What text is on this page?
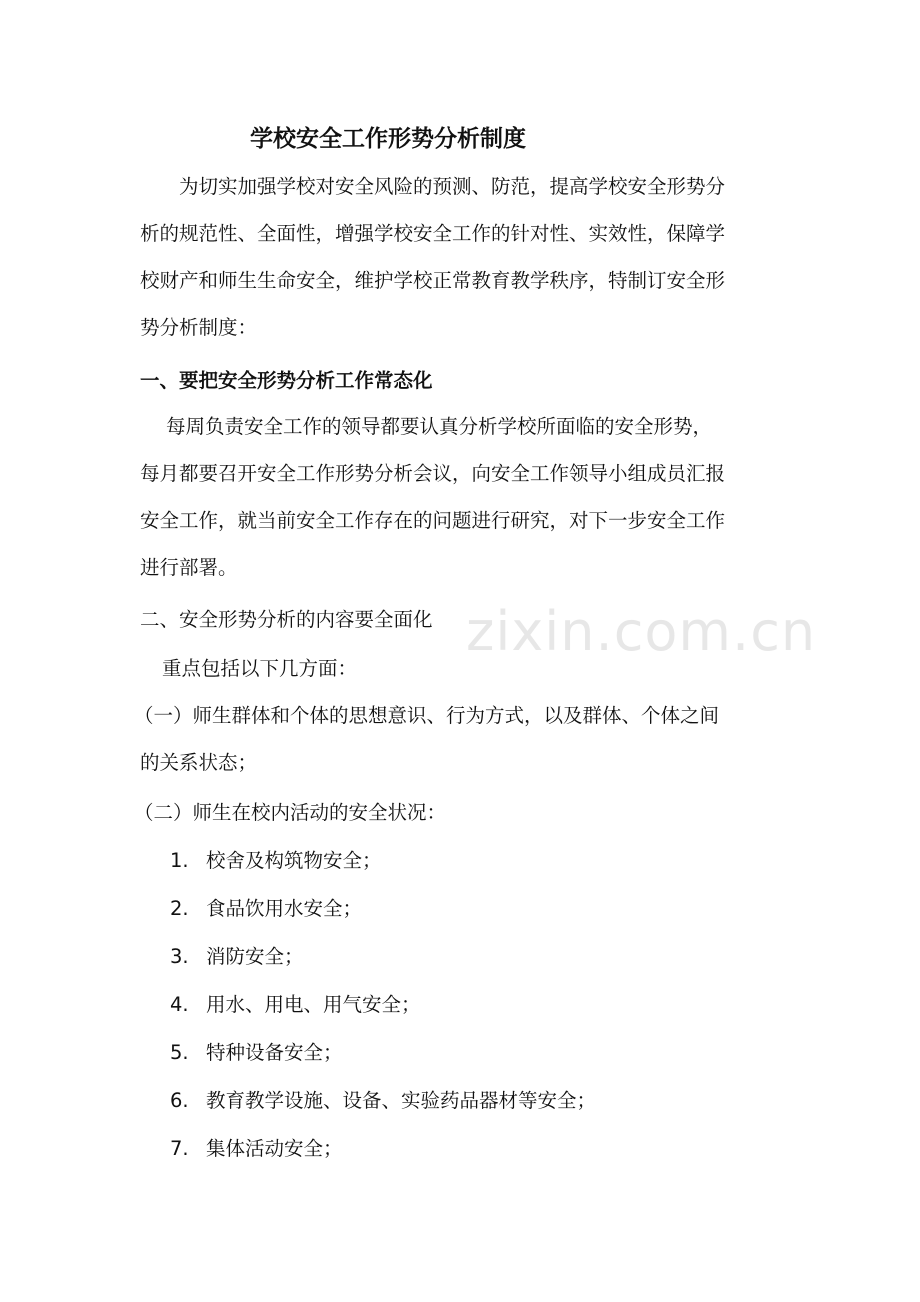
zixin.com.cn
学校安全工作形势分析制度
　　为切实加强学校对安全风险的预测、防范，提高学校安全形势分
析的规范性、全面性，增强学校安全工作的针对性、实效性，保障学
校财产和师生生命安全，维护学校正常教育教学秩序，特制订安全形
势分析制度：
一、要把安全形势分析工作常态化
每周负责安全工作的领导都要认真分析学校所面临的安全形势，
每月都要召开安全工作形势分析会议，向安全工作领导小组成员汇报
安全工作，就当前安全工作存在的问题进行研究，对下一步安全工作
进行部署。
二、安全形势分析的内容要全面化
重点包括以下几方面：
（一）师生群体和个体的思想意识、行为方式，以及群体、个体之间
的关系状态；
（二）师生在校内活动的安全状况：
1. 校舍及构筑物安全；
2. 食品饮用水安全；
3. 消防安全；
4. 用水、用电、用气安全；
5. 特种设备安全；
6. 教育教学设施、设备、实验药品器材等安全；
7. 集体活动安全；
